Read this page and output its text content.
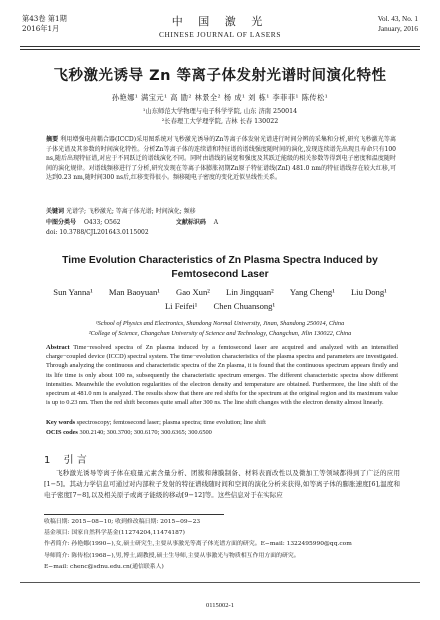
第43卷 第1期
2016年1月
中 国 激 光
CHINESE JOURNAL OF LASERS
Vol. 43, No. 1
January, 2016
飞秒激光诱导 Zn 等离子体发射光谱时间演化特性
孙艳娜¹ 满宝元¹ 高 勖² 林景全² 杨 成¹ 刘 栋¹ 李菲菲¹ 陈传松¹
¹山东师范大学物理与电子科学学院, 山东 济南 250014
²长春理工大学理学院, 吉林 长春 130022
摘要 利用增强电荷耦合器(ICCD)采用图系统对飞秒激光诱导的Zn等离子体发射光谱进行时间分辨的采集和分析,研究飞秒激光等离子体光谱及其参数的时间演化特性。分析Zn等离子体的连续谱和特征谱的谱线强度随时间的演化,发现连续谱先出现且寿命只有100 ns,随后出现特征谱,对应于不同跃迁的谱线演化不同。同时由谱线的展宽和强度及其跃迁能级的相关参数等得到电子密度和温度随时间的演化规律。对谱线频移进行了分析,研究发现在等离子体膨胀初期Zn原子特征谱线(ZnI) 481.0 nm的特征谱线存在较大红移,可达到0.23 nm,随时间300 ns后,红移变得很小。频移随电子密度的变化近似呈线性关系。
关键词 光谱学; 飞秒激光; 等离子体光谱; 时间演化; 频移
中图分类号 O433; O562	文献标识码 A
doi: 10.3788/CJL201643.0115002
Time Evolution Characteristics of Zn Plasma Spectra Induced by Femtosecond Laser
Sun Yanna¹ Man Baoyuan¹ Gao Xun² Lin Jingquan² Yang Cheng¹ Liu Dong¹
Li Feifei¹ Chen Chuansong¹
¹School of Physics and Electronics, Shandong Normal University, Jinan, Shandong 250014, China
²College of Science, Changchun University of Science and Technology, Changchun, Jilin 130022, China
Abstract Time−resolved spectra of Zn plasma induced by a femtosecond laser are acquired and analyzed with an intensified charge−coupled device (ICCD) spectral system. The time−evolution characteristics of the plasma spectra and parameters are investigated. Through analyzing the continuous and characteristic spectra of the Zn plasma, it is found that the continuous spectrum appears firstly and its life time is only about 100 ns, subsequently the characteristic spectrum emerges. The different characteristic spectra show different intensities. Meanwhile the evolution regularities of the electron density and temperature are obtained. Furthermore, the line shift of the spectrum at 481.0 nm is analyzed. The results show that there are red shifts for the spectrum at the original region and its maximum value is up to 0.23 nm. Then the red shift becomes quite small after 300 ns. The line shift changes with the electron density almost linearly.
Key words spectroscopy; femtosecond laser; plasma spectra; time evolution; line shift
OCIS codes 300.2140; 300.3700; 300.6170; 300.6365; 300.6500
1 引 言
飞秒激光诱导等离子体在痕量元素含量分析、团簇和薄膜制备、材料表面改性以及微加工等领域都得到了广泛的应用[1−5]。其动力学信息可通过对内部粒子发射的特征谱线随时间和空间的演化分析来获得,如等离子体的膨胀速度[6],温度和电子密度[7−8],以及相关原子或离子能级的移动[9−12]等。这些信息对于在实际应
收稿日期: 2015−08−10; 收到修改稿日期: 2015−09−23
基金项目: 国家自然科学基金(11274204,11474187)
作者简介: 孙艳娜(1990−),女,硕士研究生,主要从事激光等离子体光谱方面的研究。E−mail: 1322495990@qq.com
导师简介: 陈传松(1968−),男,博士,副教授,硕士生导师,主要从事激光与物质相互作用方面的研究。
E−mail: chenc@sdnu.edu.cn(通信联系人)
0115002-1
